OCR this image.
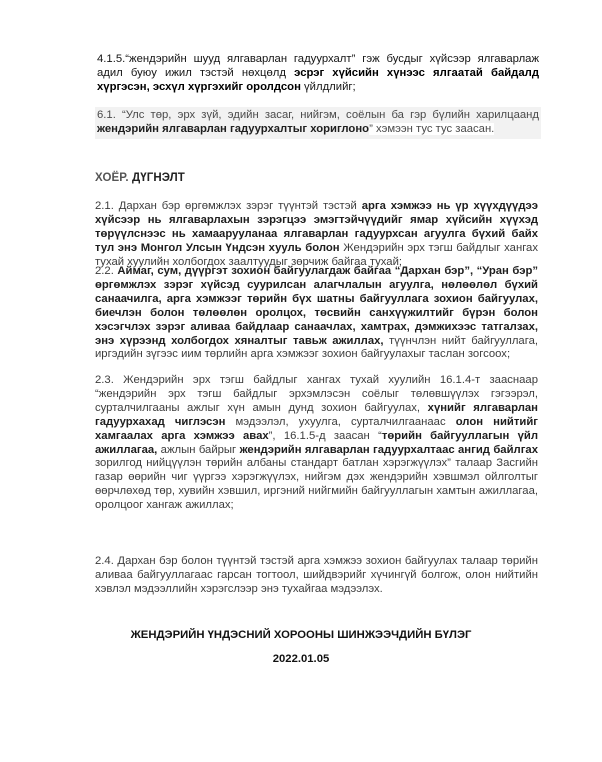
4.1.5.“жендэрийн шууд ялгаварлан гадуурхалт” гэж бусдыг хүйсээр ялгаварлаж адил буюу ижил тэстэй нөхцөлд эсрэг хүйсийн хүнээс ялгаатай байдалд хүргэсэн, эсхүл хүргэхийг оролдсон үйлдлийг;
6.1. “Улс төр, эрх зүй, эдийн засаг, нийгэм, соёлын ба гэр бүлийн харилцаанд жендэрийн ялгаварлан гадуурхалтыг хориглоно” хэмээн тус тус заасан.
ХОЁР. ДҮГНЭЛТ
2.1. Дархан бэр өргөмжлэх зэрэг түүнтэй тэстэй арга хэмжээ нь үр хүүхдүүдээ хүйсээр нь ялгаварлахын зэрэгцээ эмэгтэйчүүдийг ямар хүйсийн хүүхэд төрүүлснээс нь хамаарууланаа ялгаварлан гадуурхсан агуулга бүхий байх тул энэ Монгол Улсын Үндсэн хууль болон Жендэрийн эрх тэгш байдлыг хангах тухай хуулийн холбогдох заалтуудыг зөрчиж байгаа тухай;
2.2. Аймаг, сум, дүүргэт зохион байгуулагдаж байгаа “Дархан бэр”, “Уран бэр” өргөмжлэх зэрэг хүйсэд суурилсан алагчлалын агуулга, нөлөөлөл бүхий санаачилга, арга хэмжээг төрийн бүх шатны байгууллага зохион байгуулах, биечлэн болон төлөөлөн оролцох, төсвийн санхүүжилтийг бүрэн болон хэсэгчлэх зэрэг аливаа байдлаар санаачлах, хамтрах, дэмжихээс татгалзах, энэ хүрээнд холбогдох хяналтыг тавьж ажиллах, түүнчлэн нийт байгууллага, иргэдийн зүгээс иим төрлийн арга хэмжээг зохион байгуулахыг таслан зогсоох;
2.3. Жендэрийн эрх тэгш байдлыг хангах тухай хуулийн 16.1.4-т зааснаар “жендэрийн эрх тэгш байдлыг эрхэмлэсэн соёлыг төлөвшүүлэх гэгээрэл, сурталчилгааны ажлыг хүн амын дунд зохион байгуулах, хүнийг ялгаварлан гадуурхахад чиглэсэн мэдээлэл, ухуулга, сурталчилгаанаас олон нийтийг хамгаалах арга хэмжээ авах”, 16.1.5-д заасан “төрийн байгууллагын үйл ажиллагаа, ажлын байрыг жендэрийн ялгаварлан гадуурхалтаас ангид байлгах зорилгод нийцүүлэн төрийн албаны стандарт батлан хэрэгжүүлэх” талаар Засгийн газар өөрийн чиг үүргээ хэрэгжүүлэх, нийгэм дэх жендэрийн хэвшмэл ойлголтыг өөрчлөхөд төр, хувийн хэвшил, иргэний нийгмийн байгууллагын хамтын ажиллагаа, оролцоог хангаж ажиллах;
2.4. Дархан бэр болон түүнтэй тэстэй арга хэмжээ зохион байгуулах талаар төрийн аливаа байгууллагаас гарсан тогтоол, шийдвэрийг хүчингүй болгож, олон нийтийн хэвлэл мэдээллийн хэрэгслээр энэ тухайгаа мэдээлэх.
ЖЕНДЭРИЙН ҮНДЭСНИЙ ХОРООНЫ ШИНЖЭЭЧДИЙН БҮЛЭГ
2022.01.05
